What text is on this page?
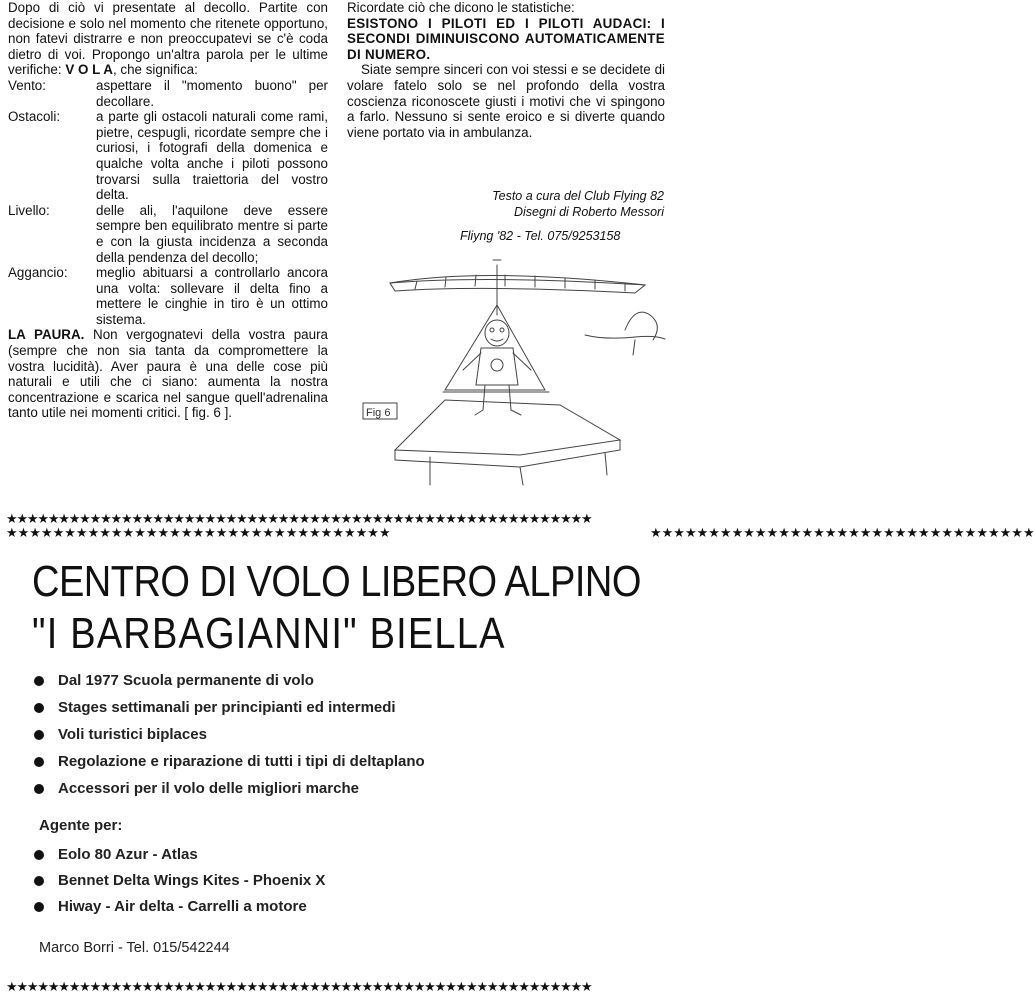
Dopo di ciò vi presentate al decollo. Partite con decisione e solo nel momento che ritenete opportuno, non fatevi distrarre e non preoccupatevi se c'è coda dietro di voi. Propongo un'altra parola per le ultime verifiche: V O L A, che significa:

Vento:	aspettare il "momento buono" per decollare.
Ostacoli:	a parte gli ostacoli naturali come rami, pietre, cespugli, ricordate sempre che i curiosi, i fotografi della domenica e qualche volta anche i piloti possono trovarsi sulla traiettoria del vostro delta.
Livello:	delle ali, l'aquilone deve essere sempre ben equilibrato mentre si parte e con la giusta incidenza a seconda della pendenza del decollo;
Aggancio:	meglio abituarsi a controllarlo ancora una volta: sollevare il delta fino a mettere le cinghie in tiro è un ottimo sistema.

LA PAURA. Non vergognatevi della vostra paura (sempre che non sia tanta da compromettere la vostra lucidità). Aver paura è una delle cose più naturali e utili che ci siano: aumenta la nostra concentrazione e scarica nel sangue quell'adrenalina tanto utile nei momenti critici. [ fig. 6 ].

Ricordate ciò che dicono le statistiche:

ESISTONO I PILOTI ED I PILOTI AUDACI: I SECONDI DIMINUISCONO AUTOMATICAMENTE DI NUMERO.

Siate sempre sinceri con voi stessi e se decidete di volare fatelo solo se nel profondo della vostra coscienza riconoscete giusti i motivi che vi spingono a farlo. Nessuno si sente eroico e si diverte quando viene portato via in ambulanza.

Testo a cura del Club Flying 82
Disegni di Roberto Messori
Fliyng '82 - Tel. 075/9253158
Fig 6
★★★★★★★★★★★★★★★★★★★★★★★★★★★★★★★★★★★★★★★★★★★★★★★★★★★★★★★★
★★★★★★★★★★★★★★★★★★★★★★★★★★★★★★★★★★★★★★★★★★★★★★★★★★★★★★★★
★★★★★★★★★★★★★★★★★★★★★★★★★★★★★★★★★	★★★★★★★★★★★★★★★★★★★★★★★★★★★★★★★★★
CENTRO DI VOLO LIBERO ALPINO
"I BARBAGIANNI" BIELLA
Dal 1977 Scuola permanente di volo
Stages settimanali per principianti ed intermedi
Voli turistici biplaces
Regolazione e riparazione di tutti i tipi di deltaplano
Accessori per il volo delle migliori marche
Agente per:
Eolo 80 Azur - Atlas
Bennet Delta Wings Kites - Phoenix X
Hiway - Air delta - Carrelli a motore
Marco Borri - Tel. 015/542244
